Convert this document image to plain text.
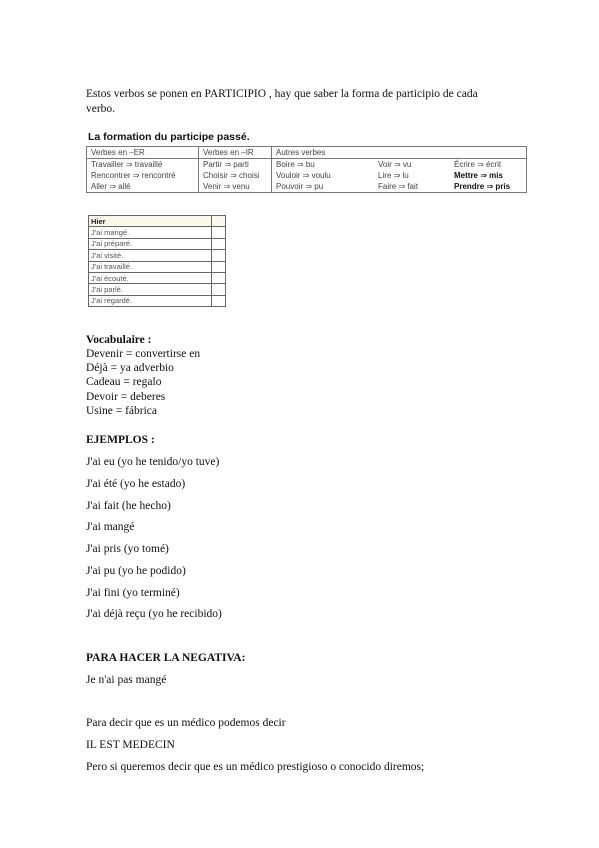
Estos verbos se ponen en PARTICIPIO , hay que saber la forma de participio de cada verbo.
La formation du participe passé.
Verbes en –ER	Verbes en –IR	Autres verbes		
Travailler ⇒ travaillé	Partir ⇒ parti	Boire ⇒ bu	Voir ⇒ vu	Écrire ⇒ écrit
Rencontrer ⇒ rencontré	Choisir ⇒ choisi	Vouloir ⇒ voulu	Lire ⇒ lu	Mettre ⇒ mis
Aller ⇒ allé	Venir ⇒ venu	Pouvoir ⇒ pu	Faire ⇒ fait	Prendre ⇒ pris
Hier	
J'ai mangé.	
J'ai préparé.	
J'ai visité.	
J'ai travaillé.	
J'ai écouté.	
J'ai parlé.	
J'ai regardé.	
Vocabulaire :
Devenir = convertirse en
Déjà = ya adverbio
Cadeau = regalo
Devoir = deberes
Usine = fábrica
EJEMPLOS :
J'ai eu (yo he tenido/yo tuve)
J'ai été (yo he estado)
J'ai fait (he hecho)
J'ai mangé
J'ai pris (yo tomé)
J'ai pu (yo he podido)
J'ai fini (yo terminé)
J'ai déjà reçu (yo he recibido)
PARA HACER LA NEGATIVA:
Je n'ai pas mangé
Para decir que es un médico podemos decir
IL EST MEDECIN
Pero si queremos decir que es un médico prestigioso o conocido diremos;
